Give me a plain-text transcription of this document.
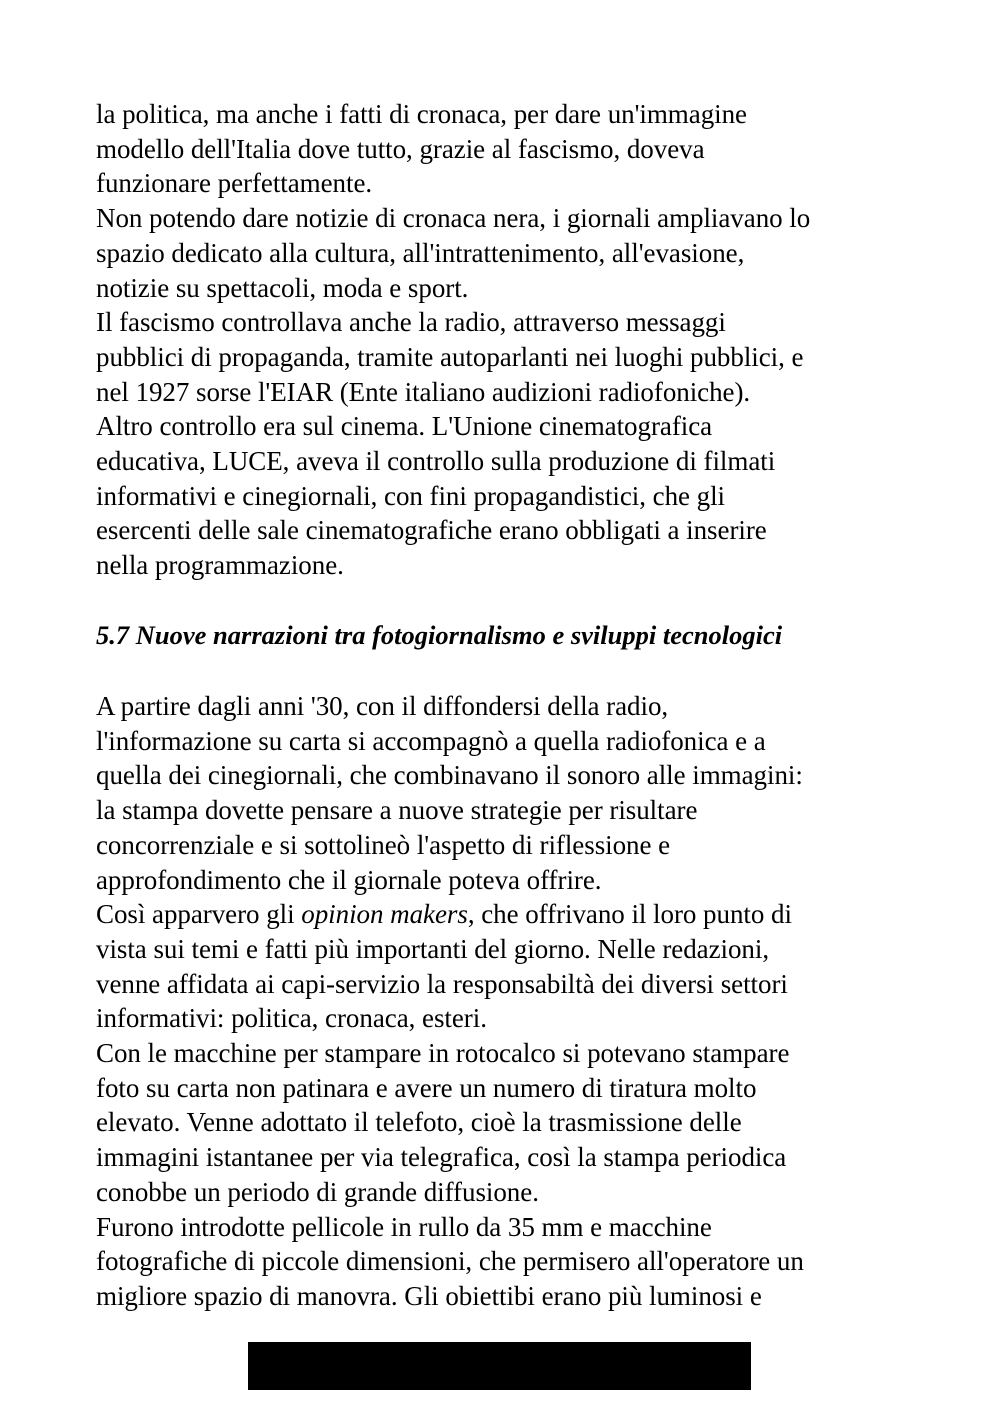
la politica, ma anche i fatti di cronaca, per dare un'immagine
modello dell'Italia dove tutto, grazie al fascismo, doveva
funzionare perfettamente.
Non potendo dare notizie di cronaca nera, i giornali ampliavano lo
spazio dedicato alla cultura, all'intrattenimento, all'evasione,
notizie su spettacoli, moda e sport.
Il fascismo controllava anche la radio, attraverso messaggi
pubblici di propaganda, tramite autoparlanti nei luoghi pubblici, e
nel 1927 sorse l'EIAR (Ente italiano audizioni radiofoniche).
Altro controllo era sul cinema. L'Unione cinematografica
educativa, LUCE, aveva il controllo sulla produzione di filmati
informativi e cinegiornali, con fini propagandistici, che gli
esercenti delle sale cinematografiche erano obbligati a inserire
nella programmazione.
5.7 Nuove narrazioni tra fotogiornalismo e sviluppi tecnologici
A partire dagli anni '30, con il diffondersi della radio,
l'informazione su carta si accompagnò a quella radiofonica e a
quella dei cinegiornali, che combinavano il sonoro alle immagini:
la stampa dovette pensare a nuove strategie per risultare
concorrenziale e si sottolineò l'aspetto di riflessione e
approfondimento che il giornale poteva offrire.
Così apparvero gli opinion makers, che offrivano il loro punto di
vista sui temi e fatti più importanti del giorno. Nelle redazioni,
venne affidata ai capi-servizio la responsabiltà dei diversi settori
informativi: politica, cronaca, esteri.
Con le macchine per stampare in rotocalco si potevano stampare
foto su carta non patinara e avere un numero di tiratura molto
elevato. Venne adottato il telefoto, cioè la trasmissione delle
immagini istantanee per via telegrafica, così la stampa periodica
conobbe un periodo di grande diffusione.
Furono introdotte pellicole in rullo da 35 mm e macchine
fotografiche di piccole dimensioni, che permisero all'operatore un
migliore spazio di manovra. Gli obiettibi erano più luminosi e
